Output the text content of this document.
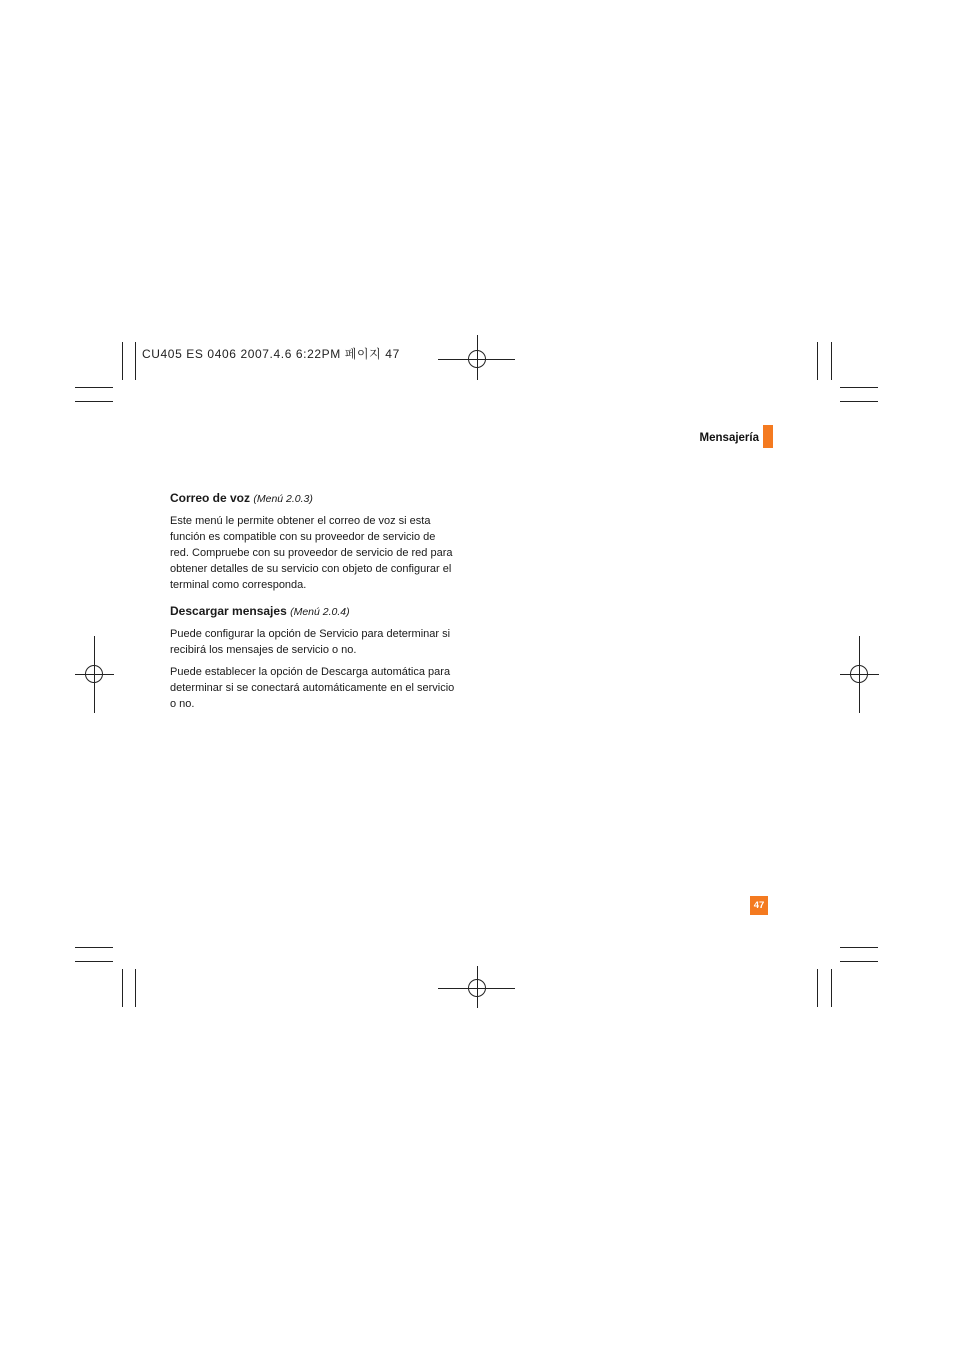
CU405 ES 0406 2007.4.6 6:22PM 페이지 47
Mensajería
Correo de voz (Menú 2.0.3)

Este menú le permite obtener el correo de voz si esta función es compatible con su proveedor de servicio de red. Compruebe con su proveedor de servicio de red para obtener detalles de su servicio con objeto de configurar el terminal como corresponda.

Descargar mensajes (Menú 2.0.4)

Puede configurar la opción de Servicio para determinar si recibirá los mensajes de servicio o no.

Puede establecer la opción de Descarga automática para determinar si se conectará automáticamente en el servicio o no.

47
